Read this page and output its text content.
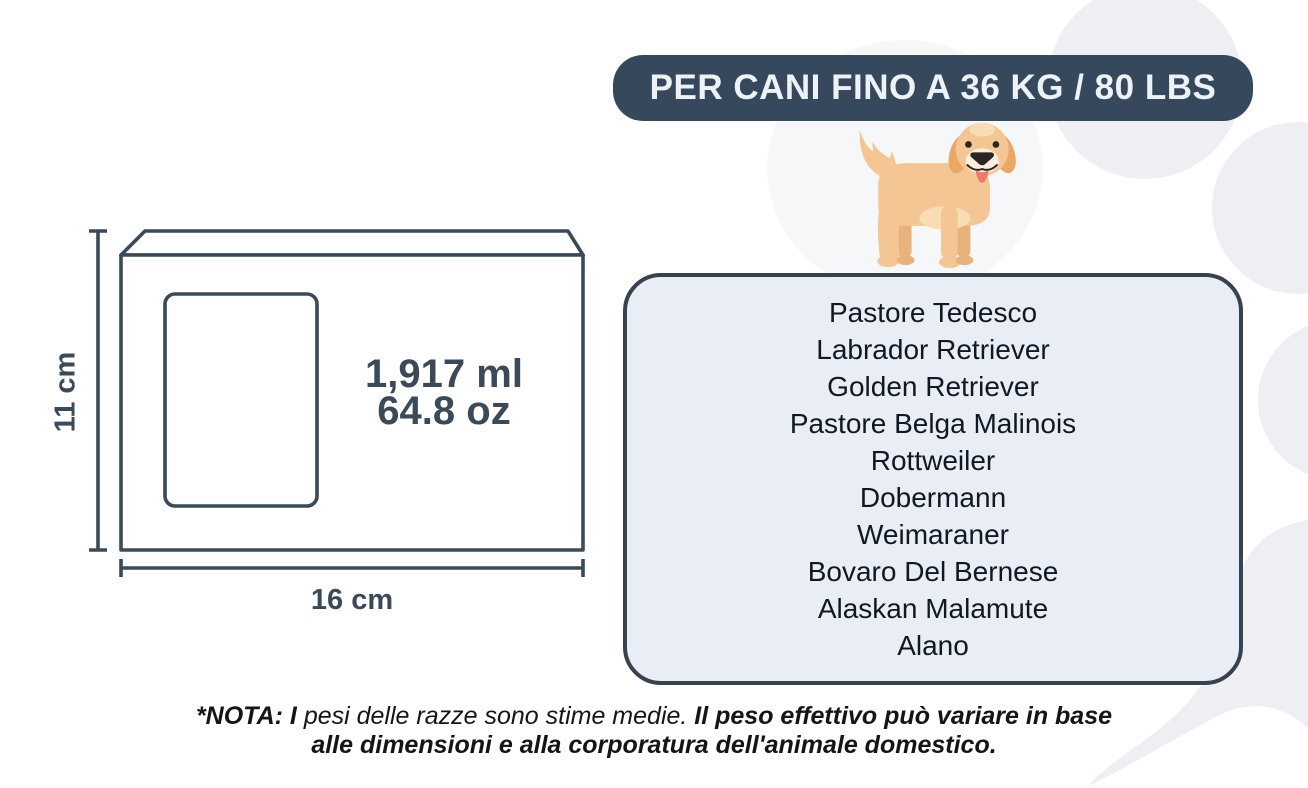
11 cm
16 cm
1,917 ml
64.8 oz
PER CANI FINO A 36 KG / 80 LBS
Pastore Tedesco
Labrador Retriever
Golden Retriever
Pastore Belga Malinois
Rottweiler
Dobermann
Weimaraner
Bovaro Del Bernese
Alaskan Malamute
Alano
*NOTA: I pesi delle razze sono stime medie. Il peso effettivo può variare in base
alle dimensioni e alla corporatura dell'animale domestico.
